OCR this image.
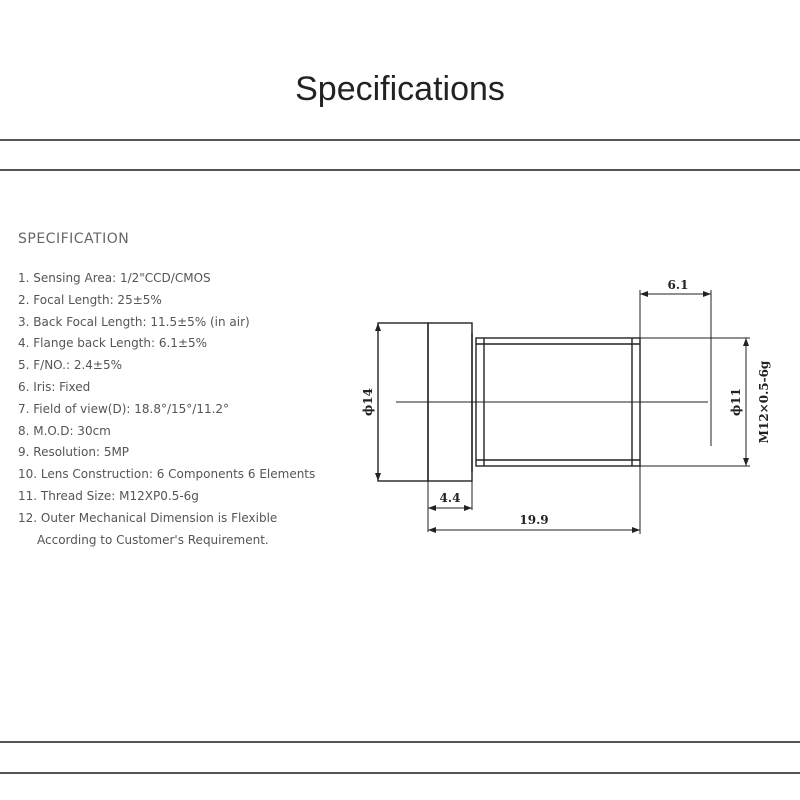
Specifications
SPECIFICATION
1. Sensing Area: 1/2"CCD/CMOS
2. Focal Length: 25±5%
3. Back Focal Length: 11.5±5% (in air)
4. Flange back Length: 6.1±5%
5. F/NO.: 2.4±5%
6. Iris: Fixed
7. Field of view(D): 18.8°/15°/11.2°
8. M.O.D: 30cm
9. Resolution: 5MP
10. Lens Construction: 6 Components 6 Elements
11. Thread Size: M12XP0.5-6g
12. Outer Mechanical Dimension is Flexible
According to Customer's Requirement.
6.1
ϕ14	ϕ11 M12×0.5-6g
4.4
19.9
